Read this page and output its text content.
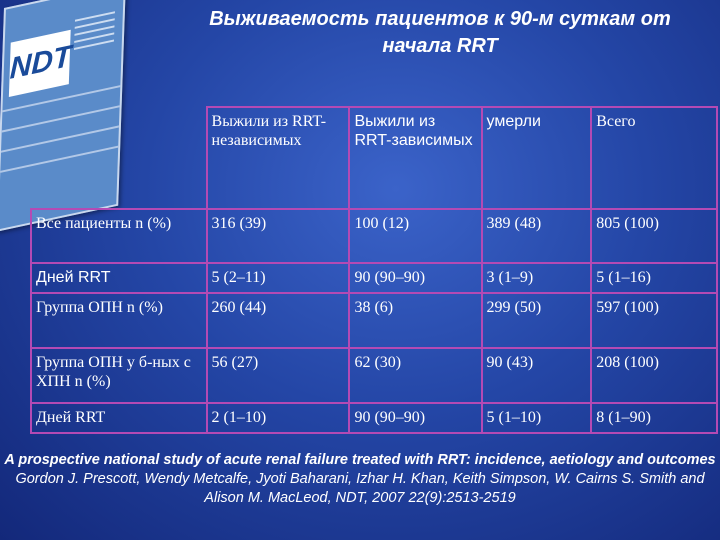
NDT
Выживаемость пациентов к 90-м суткам от начала RRT
	Выжили из RRT-независимых	Выжили из RRT-зависимых	умерли	Всего
Все пациенты n (%)	316 (39)	100 (12)	389 (48)	805 (100)
Дней RRT	5 (2–11)	90 (90–90)	3 (1–9)	5 (1–16)
Группа ОПН n (%)	260 (44)	38 (6)	299 (50)	597 (100)
Группа ОПН у б-ных с ХПН n (%)	56 (27)	62 (30)	90 (43)	208 (100)
Дней RRT	2 (1–10)	90 (90–90)	5 (1–10)	8 (1–90)
A prospective national study of acute renal failure treated with RRT: incidence, aetiology and outcomes
Gordon J. Prescott, Wendy Metcalfe, Jyoti Baharani, Izhar H. Khan, Keith Simpson, W. Cairns S. Smith and Alison M. MacLeod, NDT, 2007 22(9):2513-2519
